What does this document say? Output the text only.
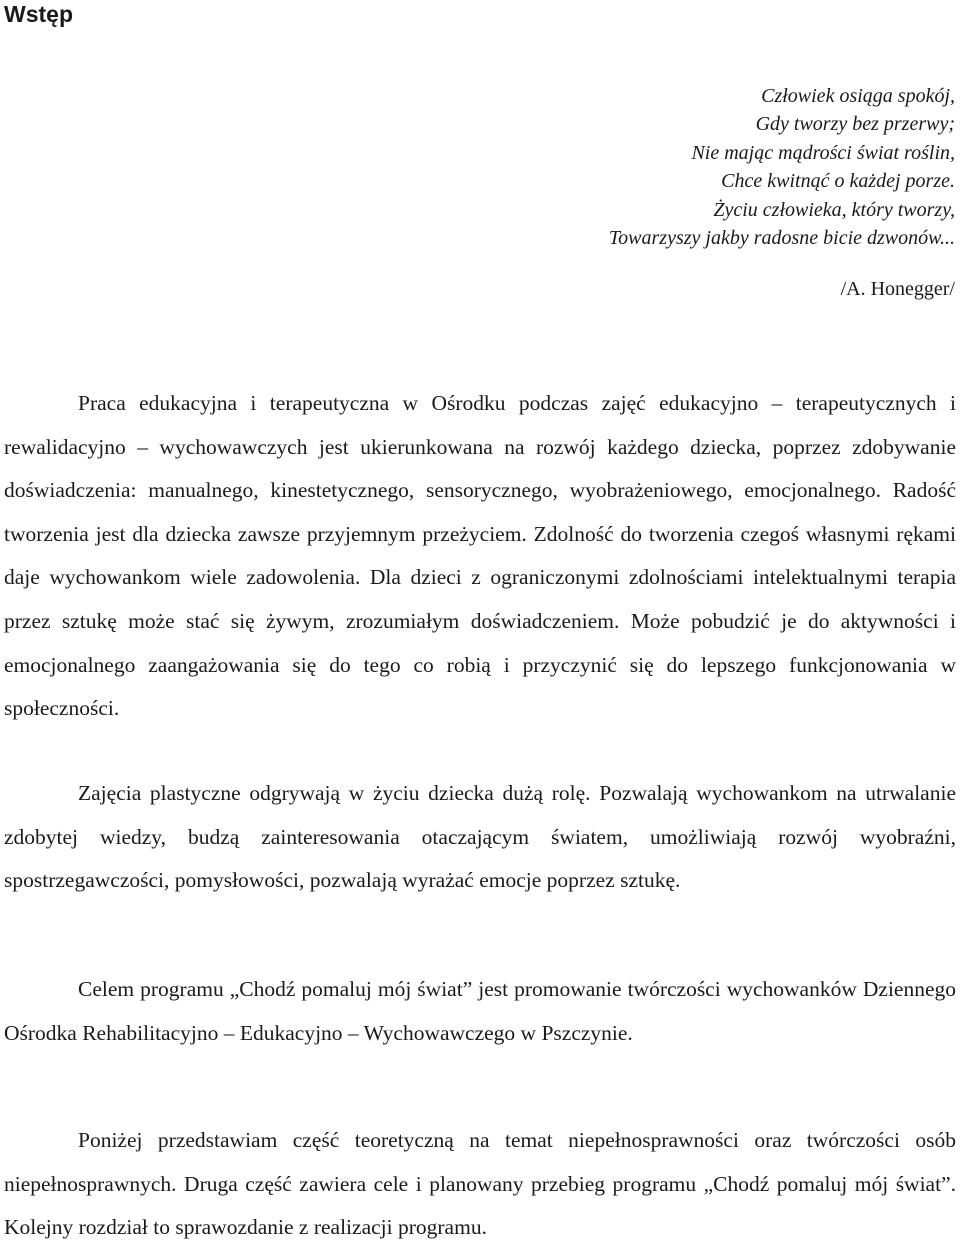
Wstęp
Człowiek osiąga spokój,
Gdy tworzy bez przerwy;
Nie mając mądrości świat roślin,
Chce kwitnąć o każdej porze.
Życiu człowieka, który tworzy,
Towarzyszy jakby radosne bicie dzwonów...
/A. Honegger/

Praca edukacyjna i terapeutyczna w Ośrodku podczas zajęć edukacyjno – terapeutycznych i rewalidacyjno – wychowawczych jest ukierunkowana na rozwój każdego dziecka, poprzez zdobywanie doświadczenia: manualnego, kinestetycznego, sensorycznego, wyobrażeniowego, emocjonalnego. Radość tworzenia jest dla dziecka zawsze przyjemnym przeżyciem. Zdolność do tworzenia czegoś własnymi rękami daje wychowankom wiele zadowolenia. Dla dzieci z ograniczonymi zdolnościami intelektualnymi terapia przez sztukę może stać się żywym, zrozumiałym doświadczeniem. Może pobudzić je do aktywności i emocjonalnego zaangażowania się do tego co robią i przyczynić się do lepszego funkcjonowania w społeczności.

Zajęcia plastyczne odgrywają w życiu dziecka dużą rolę. Pozwalają wychowankom na utrwalanie zdobytej wiedzy, budzą zainteresowania otaczającym światem, umożliwiają rozwój wyobraźni, spostrzegawczości, pomysłowości, pozwalają wyrażać emocje poprzez sztukę.

Celem programu „Chodź pomaluj mój świat” jest promowanie twórczości wychowanków Dziennego Ośrodka Rehabilitacyjno – Edukacyjno – Wychowawczego w Pszczynie.

Poniżej przedstawiam część teoretyczną na temat niepełnosprawności oraz twórczości osób niepełnosprawnych. Druga część zawiera cele i planowany przebieg programu „Chodź pomaluj mój świat”. Kolejny rozdział to sprawozdanie z realizacji programu.
